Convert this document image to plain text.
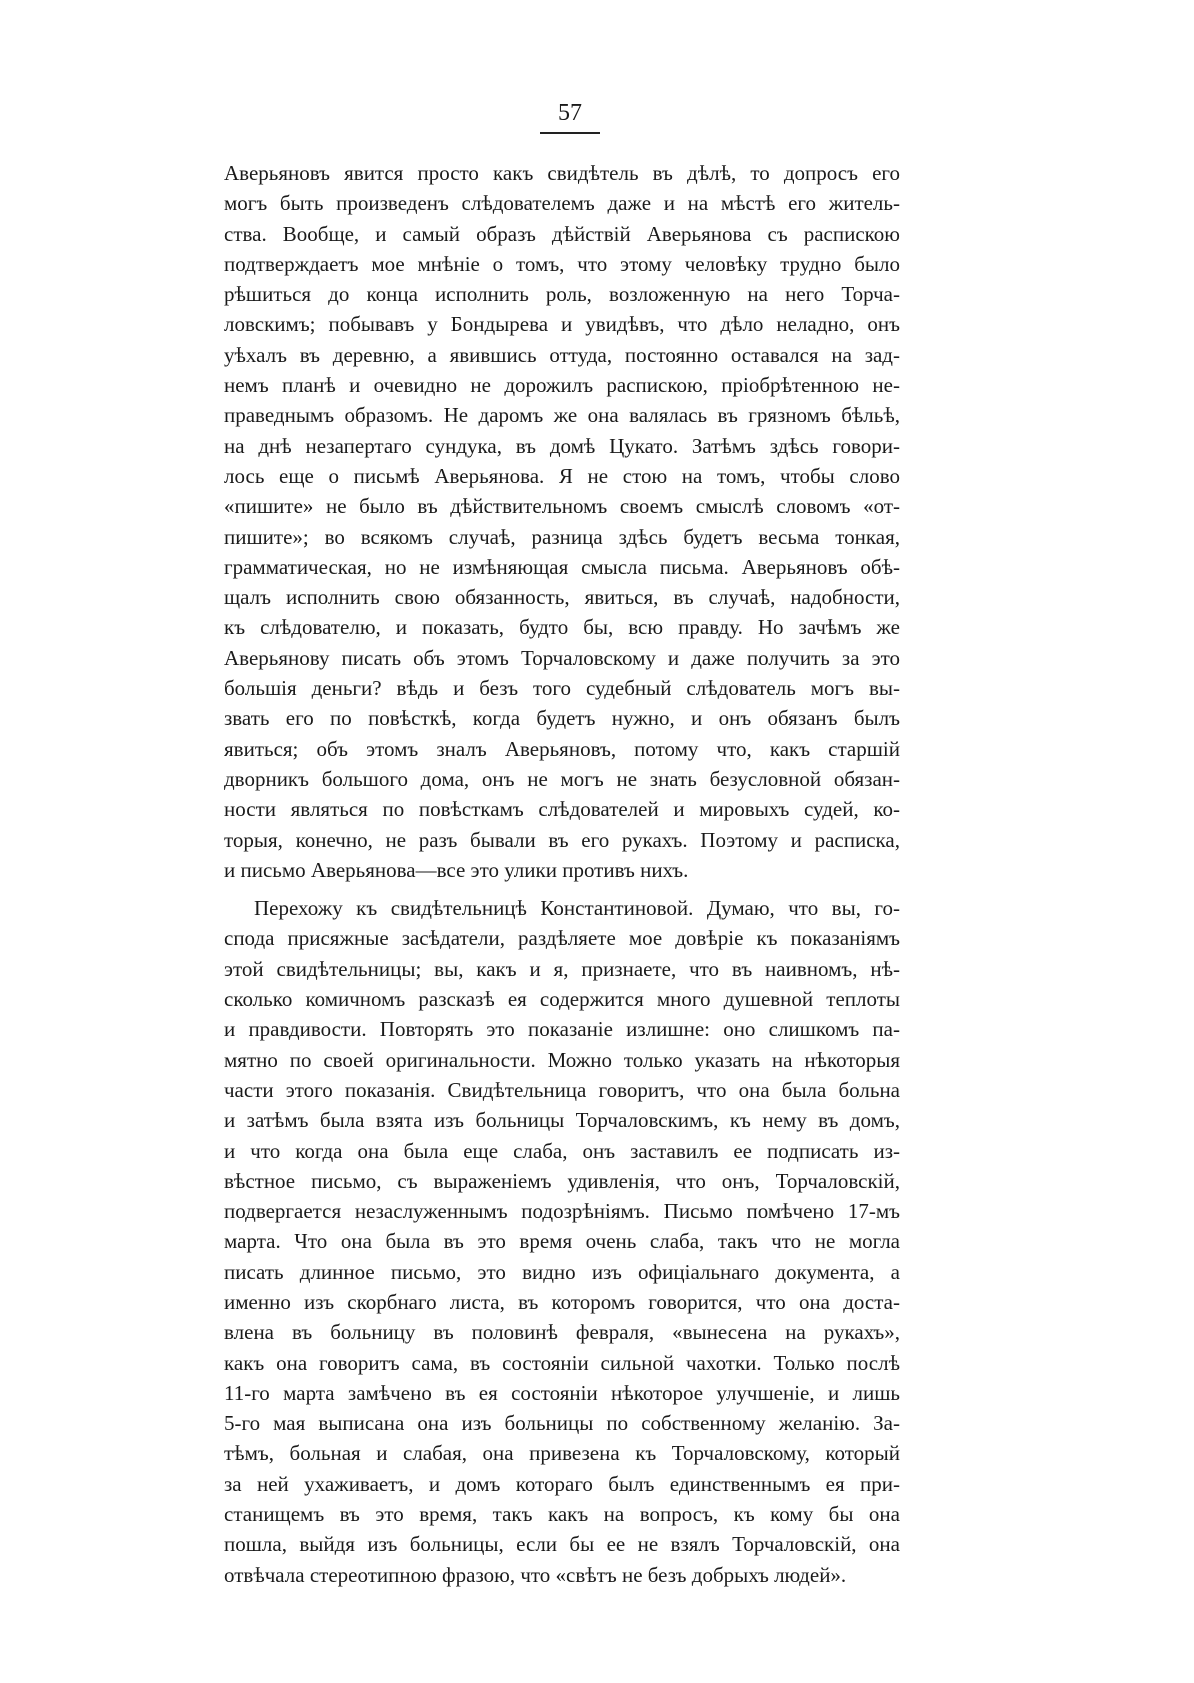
57
Аверьяновъ явится просто какъ свидѣтель въ дѣлѣ, то допросъ его
могъ быть произведенъ слѣдователемъ даже и на мѣстѣ его житель-
ства. Вообще, и самый образъ дѣйствій Аверьянова съ распискою
подтверждаетъ мое мнѣніе о томъ, что этому человѣку трудно было
рѣшиться до конца исполнить роль, возложенную на него Торча-
ловскимъ; побывавъ у Бондырева и увидѣвъ, что дѣло неладно, онъ
уѣхалъ въ деревню, а явившись оттуда, постоянно оставался на зад-
немъ планѣ и очевидно не дорожилъ распискою, пріобрѣтенною не-
праведнымъ образомъ. Не даромъ же она валялась въ грязномъ бѣльѣ,
на днѣ незапертаго сундука, въ домѣ Цукато. Затѣмъ здѣсь говори-
лось еще о письмѣ Аверьянова. Я не стою на томъ, чтобы слово
«пишите» не было въ дѣйствительномъ своемъ смыслѣ словомъ «от-
пишите»; во всякомъ случаѣ, разница здѣсь будетъ весьма тонкая,
грамматическая, но не измѣняющая смысла письма. Аверьяновъ обѣ-
щалъ исполнить свою обязанность, явиться, въ случаѣ, надобности,
къ слѣдователю, и показать, будто бы, всю правду. Но зачѣмъ же
Аверьянову писать объ этомъ Торчаловскому и даже получить за это
большія деньги? вѣдь и безъ того судебный слѣдователь могъ вы-
звать его по повѣсткѣ, когда будетъ нужно, и онъ обязанъ былъ
явиться; объ этомъ зналъ Аверьяновъ, потому что, какъ старшій
дворникъ большого дома, онъ не могъ не знать безусловной обязан-
ности являться по повѣсткамъ слѣдователей и мировыхъ судей, ко-
торыя, конечно, не разъ бывали въ его рукахъ. Поэтому и расписка,
и письмо Аверьянова—все это улики противъ нихъ.
Перехожу къ свидѣтельницѣ Константиновой. Думаю, что вы, го-
спода присяжные засѣдатели, раздѣляете мое довѣріе къ показаніямъ
этой свидѣтельницы; вы, какъ и я, признаете, что въ наивномъ, нѣ-
сколько комичномъ разсказѣ ея содержится много душевной теплоты
и правдивости. Повторять это показаніе излишне: оно слишкомъ па-
мятно по своей оригинальности. Можно только указать на нѣкоторыя
части этого показанія. Свидѣтельница говоритъ, что она была больна
и затѣмъ была взята изъ больницы Торчаловскимъ, къ нему въ домъ,
и что когда она была еще слаба, онъ заставилъ ее подписать из-
вѣстное письмо, съ выраженіемъ удивленія, что онъ, Торчаловскій,
подвергается незаслуженнымъ подозрѣніямъ. Письмо помѣчено 17-мъ
марта. Что она была въ это время очень слаба, такъ что не могла
писать длинное письмо, это видно изъ офиціальнаго документа, а
именно изъ скорбнаго листа, въ которомъ говорится, что она доста-
влена въ больницу въ половинѣ февраля, «вынесена на рукахъ»,
какъ она говоритъ сама, въ состояніи сильной чахотки. Только послѣ
11-го марта замѣчено въ ея состояніи нѣкоторое улучшеніе, и лишь
5-го мая выписана она изъ больницы по собственному желанію. За-
тѣмъ, больная и слабая, она привезена къ Торчаловскому, который
за ней ухаживаетъ, и домъ котораго былъ единственнымъ ея при-
станищемъ въ это время, такъ какъ на вопросъ, къ кому бы она
пошла, выйдя изъ больницы, если бы ее не взялъ Торчаловскій, она
отвѣчала стереотипною фразою, что «свѣтъ не безъ добрыхъ людей».
